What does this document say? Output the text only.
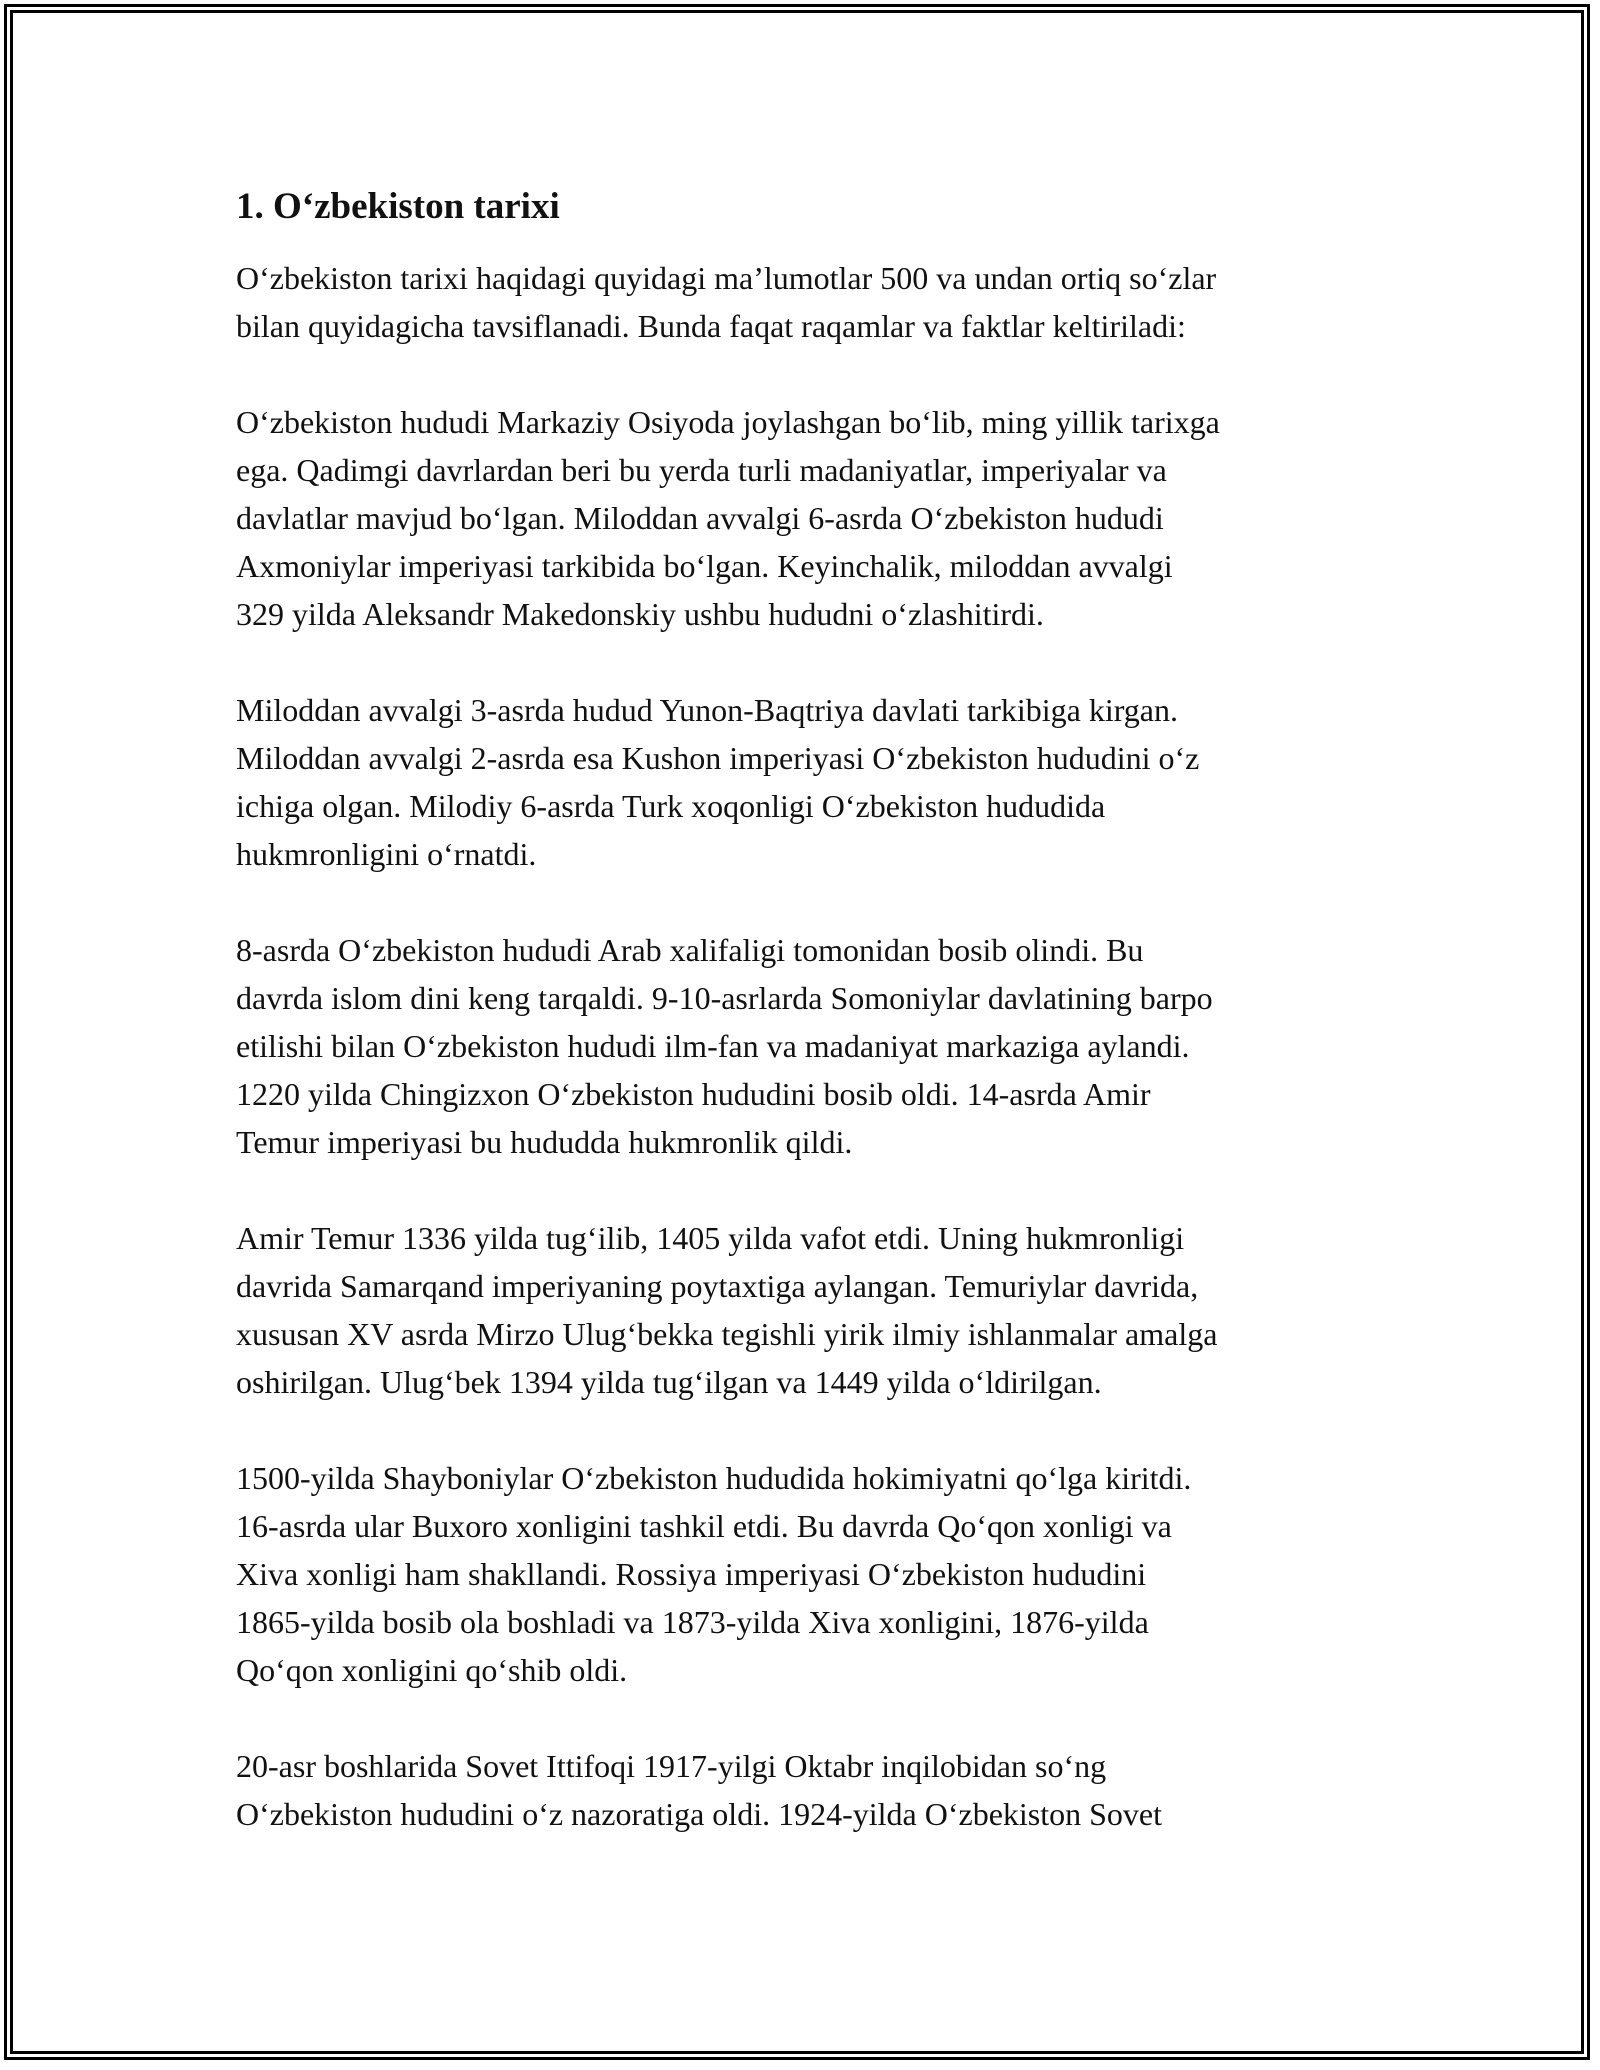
1. O‘zbekiston tarixi

O‘zbekiston tarixi haqidagi quyidagi ma’lumotlar 500 va undan ortiq so‘zlar
bilan quyidagicha tavsiflanadi. Bunda faqat raqamlar va faktlar keltiriladi:

O‘zbekiston hududi Markaziy Osiyoda joylashgan bo‘lib, ming yillik tarixga
ega. Qadimgi davrlardan beri bu yerda turli madaniyatlar, imperiyalar va
davlatlar mavjud bo‘lgan. Miloddan avvalgi 6-asrda O‘zbekiston hududi
Axmoniylar imperiyasi tarkibida bo‘lgan. Keyinchalik, miloddan avvalgi
329 yilda Aleksandr Makedonskiy ushbu hududni o‘zlashitirdi.

Miloddan avvalgi 3-asrda hudud Yunon-Baqtriya davlati tarkibiga kirgan.
Miloddan avvalgi 2-asrda esa Kushon imperiyasi O‘zbekiston hududini o‘z
ichiga olgan. Milodiy 6-asrda Turk xoqonligi O‘zbekiston hududida
hukmronligini o‘rnatdi.

8-asrda O‘zbekiston hududi Arab xalifaligi tomonidan bosib olindi. Bu
davrda islom dini keng tarqaldi. 9-10-asrlarda Somoniylar davlatining barpo
etilishi bilan O‘zbekiston hududi ilm-fan va madaniyat markaziga aylandi.
1220 yilda Chingizxon O‘zbekiston hududini bosib oldi. 14-asrda Amir
Temur imperiyasi bu hududda hukmronlik qildi.

Amir Temur 1336 yilda tug‘ilib, 1405 yilda vafot etdi. Uning hukmronligi
davrida Samarqand imperiyaning poytaxtiga aylangan. Temuriylar davrida,
xususan XV asrda Mirzo Ulug‘bekka tegishli yirik ilmiy ishlanmalar amalga
oshirilgan. Ulug‘bek 1394 yilda tug‘ilgan va 1449 yilda o‘ldirilgan.

1500-yilda Shayboniylar O‘zbekiston hududida hokimiyatni qo‘lga kiritdi.
16-asrda ular Buxoro xonligini tashkil etdi. Bu davrda Qo‘qon xonligi va
Xiva xonligi ham shakllandi. Rossiya imperiyasi O‘zbekiston hududini
1865-yilda bosib ola boshladi va 1873-yilda Xiva xonligini, 1876-yilda
Qo‘qon xonligini qo‘shib oldi.

20-asr boshlarida Sovet Ittifoqi 1917-yilgi Oktabr inqilobidan so‘ng
O‘zbekiston hududini o‘z nazoratiga oldi. 1924-yilda O‘zbekiston Sovet
